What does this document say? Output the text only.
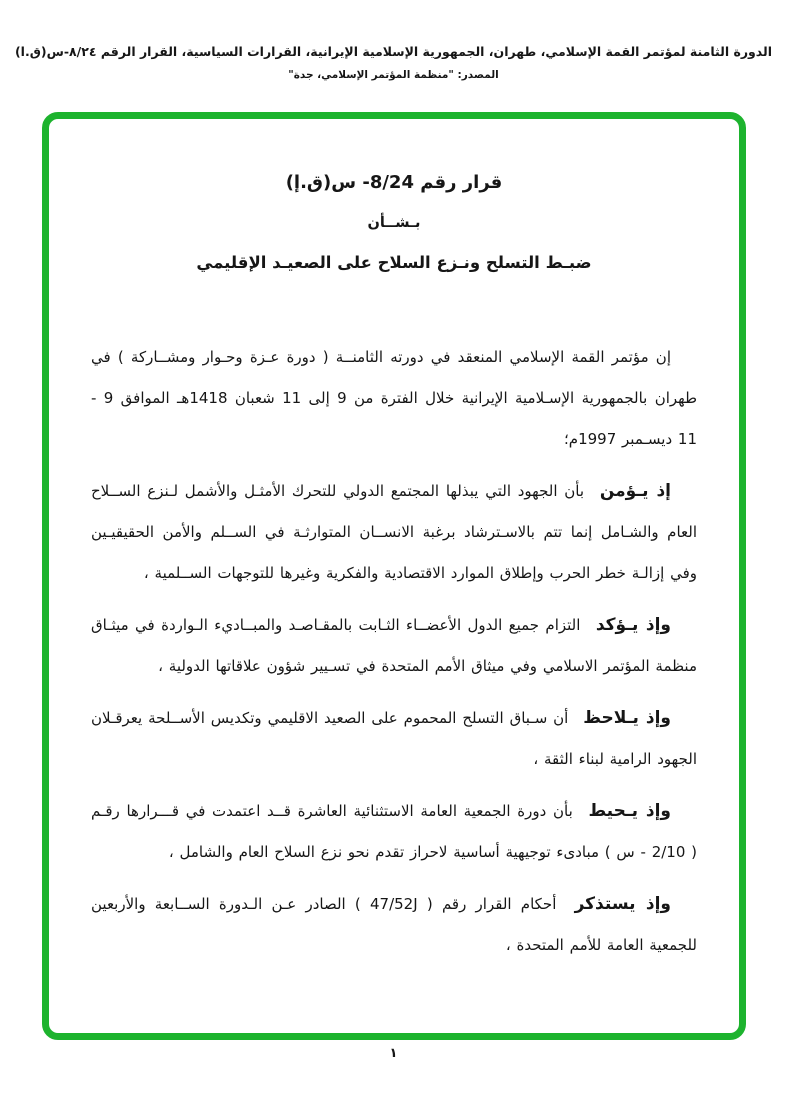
الدورة الثامنة لمؤتمر القمة الإسلامي، طهران، الجمهورية الإسلامية الإيرانية، القرارات السياسية، القرار الرقم ٨/٢٤-س(ق.ا)
المصدر: "منظمة المؤتمر الإسلامي، جدة"
قرار رقم 8/24- س(ق.إ)
بـشــأن
ضبـط التسلح ونـزع السلاح على الصعيـد الإقليمي

إن مؤتمر القمة الإسلامي المنعقد في دورته الثامنــة ( دورة عـزة وحـوار ومشــاركة ) في طهران بالجمهورية الإسـلامية الإيرانية خلال الفترة من 9 إلى 11 شعبان 1418هـ الموافق 9 - 11 ديسـمبر 1997م؛

إذ يـؤمن بأن الجهود التي يبذلها المجتمع الدولي للتحرك الأمثـل والأشمل لـنزع الســلاح العام والشـامل إنما تتم بالاسـترشاد برغبة الانســان المتوارثـة في الســلم والأمن الحقيقيـين وفي إزالـة خطر الحرب وإطلاق الموارد الاقتصادية والفكرية وغيرها للتوجهات الســلمية ،

وإذ يـؤكد التزام جميع الدول الأعضــاء الثـابت بالمقـاصـد والمبــاديء الـواردة في ميثـاق منظمة المؤتمر الاسلامي وفي ميثاق الأمم المتحدة في تسـيير شؤون علاقاتها الدولية ،

وإذ يـلاحظ أن سـباق التسلح المحموم على الصعيد الاقليمي وتكديس الأســلحة يعرقـلان الجهود الرامية لبناء الثقة ،

وإذ يـحيط بأن دورة الجمعية العامة الاستثنائية العاشرة قــد اعتمدت في قـــرارها رقـم ( 2/10 - س ) مبادىء توجيهية أساسية لاحراز تقدم نحو نزع السلاح العام والشامل ،

وإذ يستذكر أحكام القرار رقم ( 47/52J ) الصادر عـن الـدورة الســابعة والأربعين للجمعية العامة للأمم المتحدة ،

١
